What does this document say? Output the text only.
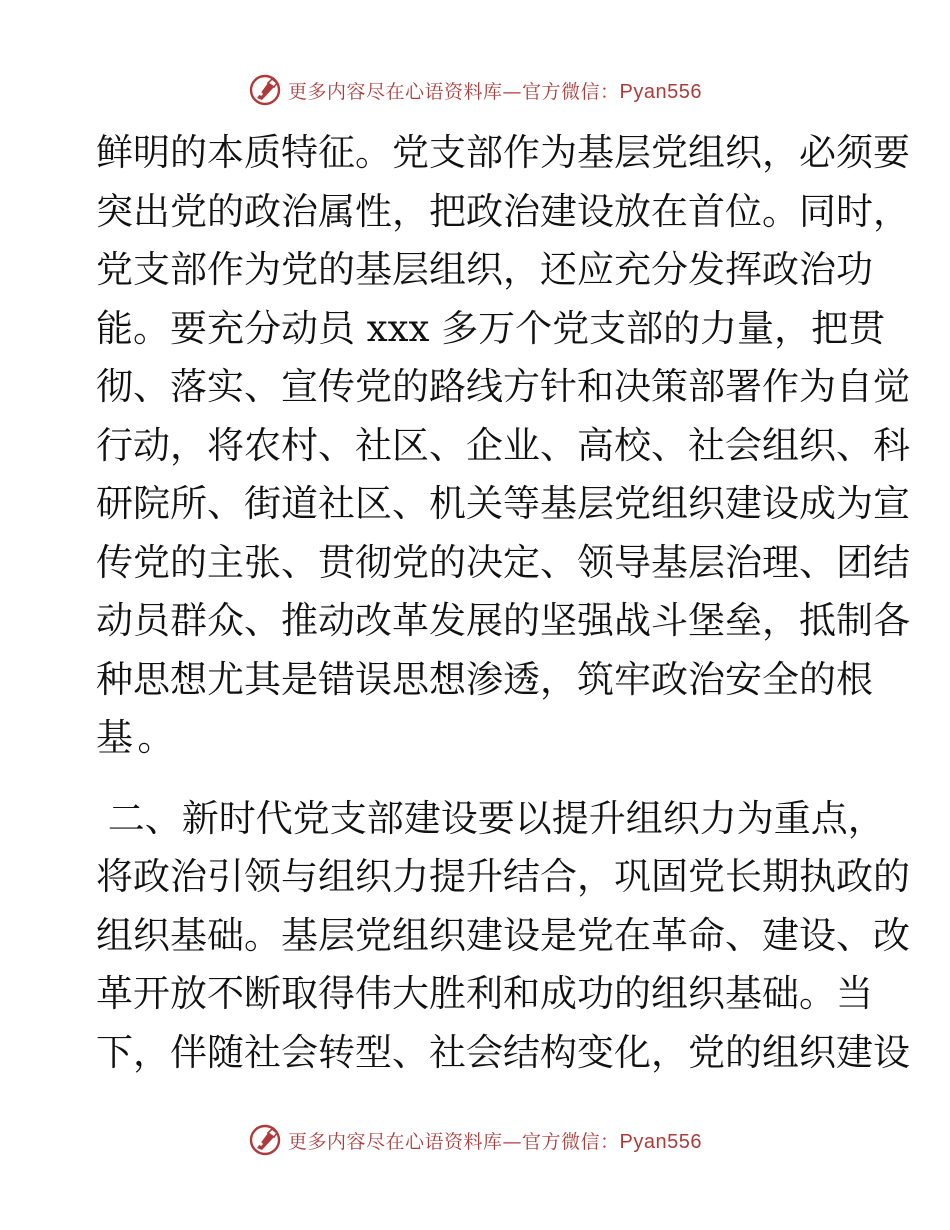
更多内容尽在心语资料库—官方微信：Pyan556
鲜明的本质特征。党支部作为基层党组织，必须要
突出党的政治属性，把政治建设放在首位。同时，
党支部作为党的基层组织，还应充分发挥政治功
能。要充分动员 xxx 多万个党支部的力量，把贯
彻、落实、宣传党的路线方针和决策部署作为自觉
行动，将农村、社区、企业、高校、社会组织、科
研院所、街道社区、机关等基层党组织建设成为宣
传党的主张、贯彻党的决定、领导基层治理、团结
动员群众、推动改革发展的坚强战斗堡垒，抵制各
种思想尤其是错误思想渗透，筑牢政治安全的根
基。
二、新时代党支部建设要以提升组织力为重点，
将政治引领与组织力提升结合，巩固党长期执政的
组织基础。基层党组织建设是党在革命、建设、改
革开放不断取得伟大胜利和成功的组织基础。当
下，伴随社会转型、社会结构变化，党的组织建设
更多内容尽在心语资料库—官方微信：Pyan556
